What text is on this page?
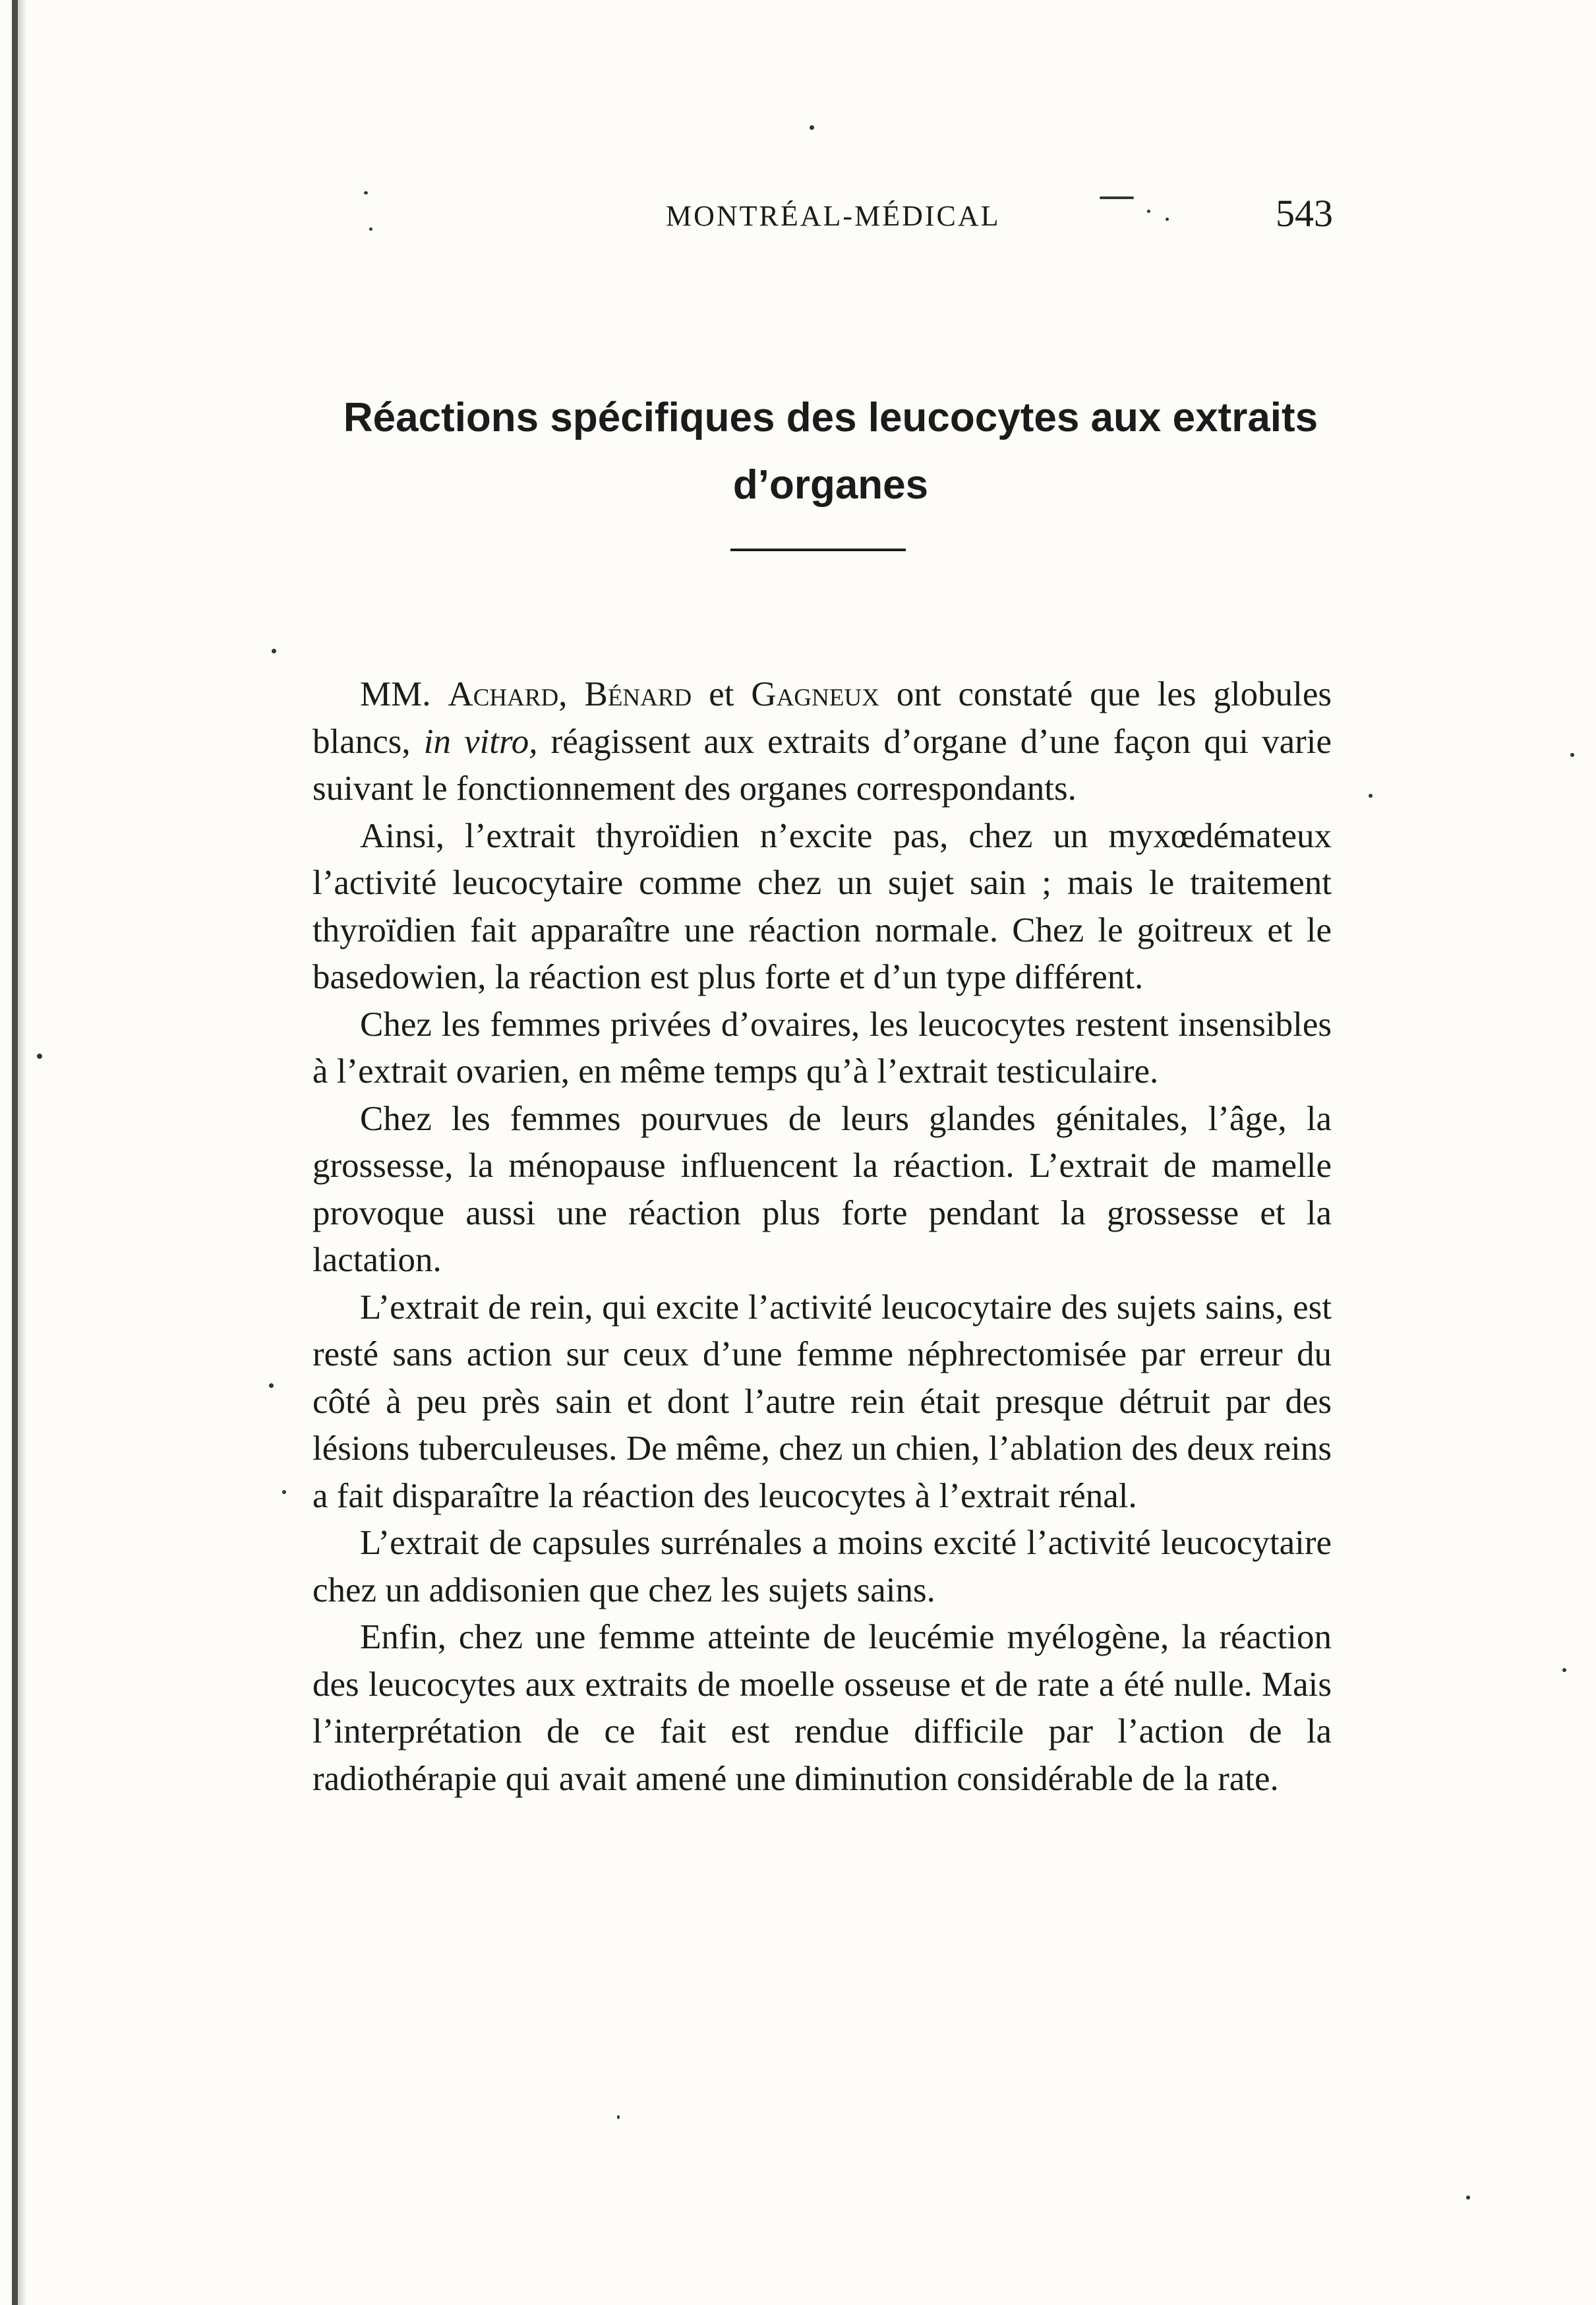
MONTRÉAL-MÉDICAL	543
Réactions spécifiques des leucocytes aux extraits
d’organes

MM. Achard, Bénard et Gagneux ont constaté que les globules blancs, in vitro, réagissent aux extraits d’organe d’une façon qui varie suivant le fonctionnement des organes correspondants.

Ainsi, l’extrait thyroïdien n’excite pas, chez un myxœdémateux l’activité leucocytaire comme chez un sujet sain ; mais le traitement thyroïdien fait apparaître une réaction normale. Chez le goitreux et le basedowien, la réaction est plus forte et d’un type différent.

Chez les femmes privées d’ovaires, les leucocytes restent insensibles à l’extrait ovarien, en même temps qu’à l’extrait testiculaire.

Chez les femmes pourvues de leurs glandes génitales, l’âge, la grossesse, la ménopause influencent la réaction. L’extrait de mamelle provoque aussi une réaction plus forte pendant la grossesse et la lactation.

L’extrait de rein, qui excite l’activité leucocytaire des sujets sains, est resté sans action sur ceux d’une femme néphrectomisée par erreur du côté à peu près sain et dont l’autre rein était presque détruit par des lésions tuberculeuses. De même, chez un chien, l’ablation des deux reins a fait disparaître la réaction des leucocytes à l’extrait rénal.

L’extrait de capsules surrénales a moins excité l’activité leucocytaire chez un addisonien que chez les sujets sains.

Enfin, chez une femme atteinte de leucémie myélogène, la réaction des leucocytes aux extraits de moelle osseuse et de rate a été nulle. Mais l’interprétation de ce fait est rendue difficile par l’action de la radiothérapie qui avait amené une diminution considérable de la rate.
